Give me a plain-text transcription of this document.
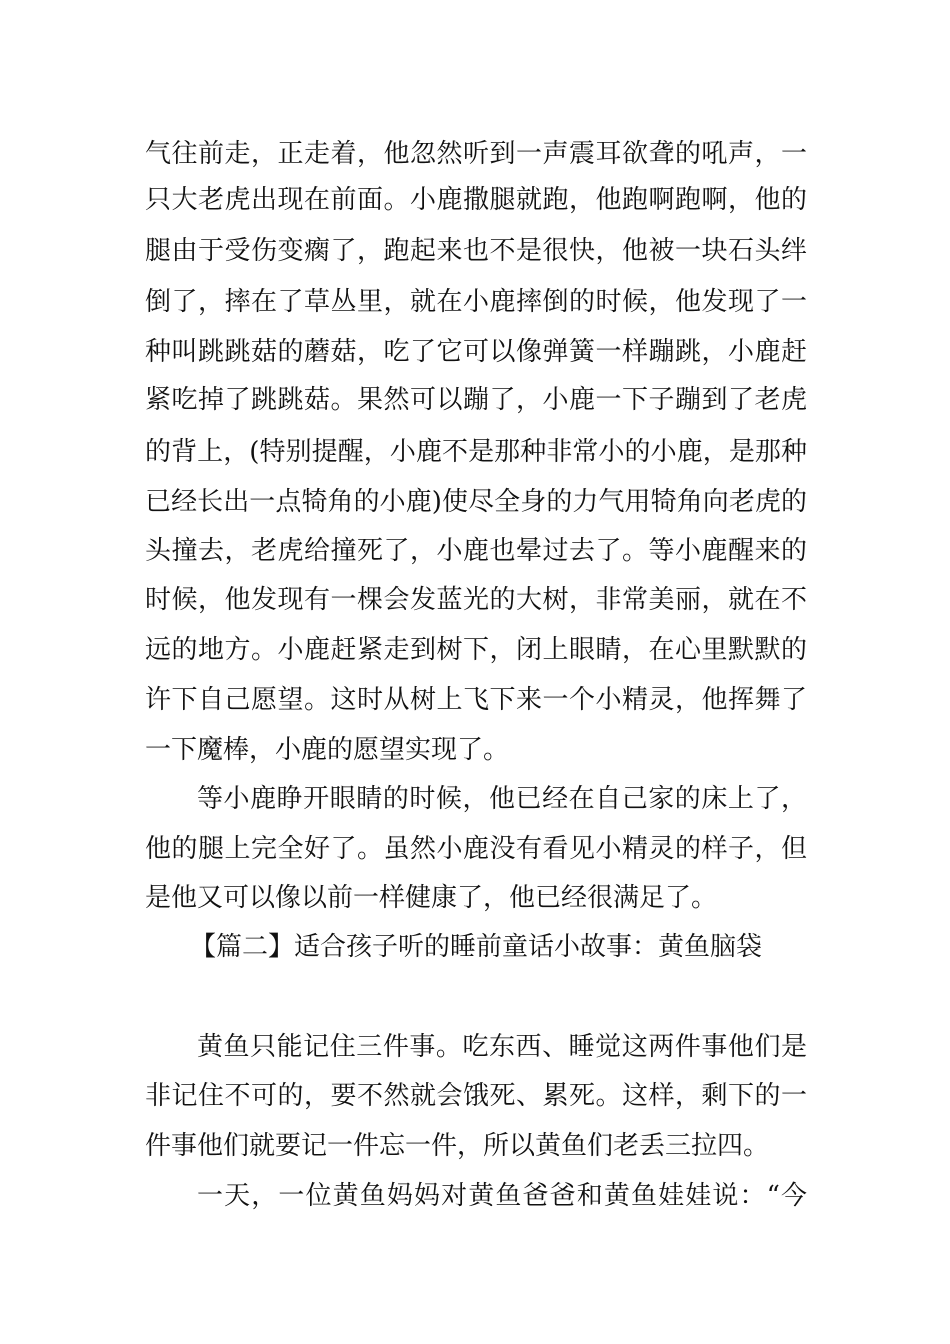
气往前走，正走着，他忽然听到一声震耳欲聋的吼声，一

只大老虎出现在前面。小鹿撒腿就跑，他跑啊跑啊，他的

腿由于受伤变瘸了，跑起来也不是很快，他被一块石头绊

倒了，摔在了草丛里，就在小鹿摔倒的时候，他发现了一

种叫跳跳菇的蘑菇，吃了它可以像弹簧一样蹦跳，小鹿赶

紧吃掉了跳跳菇。果然可以蹦了，小鹿一下子蹦到了老虎

的背上，(特别提醒，小鹿不是那种非常小的小鹿，是那种

已经长出一点犄角的小鹿)使尽全身的力气用犄角向老虎的

头撞去，老虎给撞死了，小鹿也晕过去了。等小鹿醒来的

时候，他发现有一棵会发蓝光的大树，非常美丽，就在不

远的地方。小鹿赶紧走到树下，闭上眼睛，在心里默默的

许下自己愿望。这时从树上飞下来一个小精灵，他挥舞了

一下魔棒，小鹿的愿望实现了。

等小鹿睁开眼睛的时候，他已经在自己家的床上了，

他的腿上完全好了。虽然小鹿没有看见小精灵的样子，但

是他又可以像以前一样健康了，他已经很满足了。

【篇二】适合孩子听的睡前童话小故事：黄鱼脑袋

黄鱼只能记住三件事。吃东西、睡觉这两件事他们是

非记住不可的，要不然就会饿死、累死。这样，剩下的一

件事他们就要记一件忘一件，所以黄鱼们老丢三拉四。

一天，一位黄鱼妈妈对黄鱼爸爸和黄鱼娃娃说：“今
